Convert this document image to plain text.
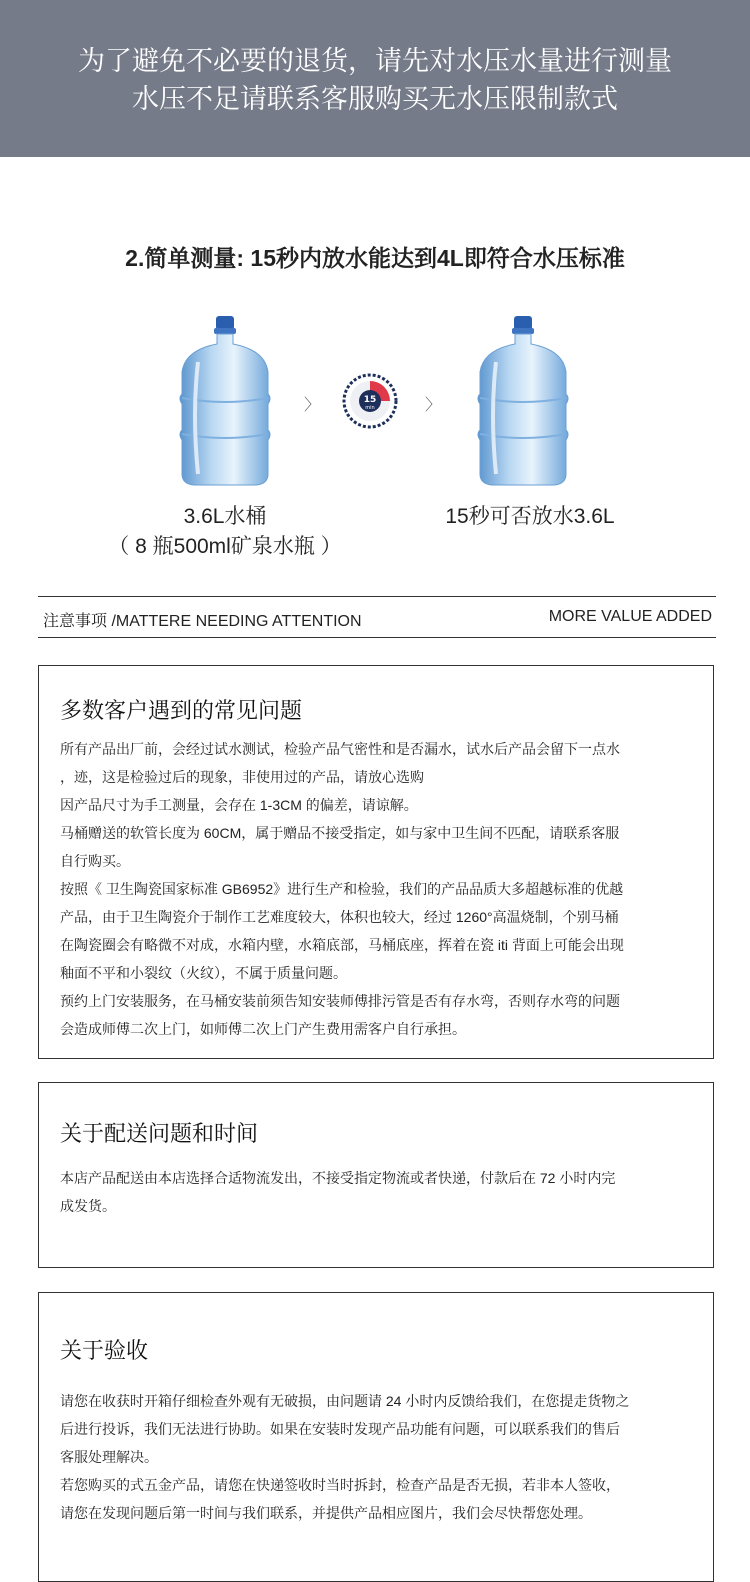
为了避免不必要的退货，请先对水压水量进行测量
水压不足请联系客服购买无水压限制款式
2.简单测量: 15秒内放水能达到4L即符合水压标准
〉	15
min	〉
3.6L水桶
（ 8 瓶500ml矿泉水瓶 ）
15秒可否放水3.6L
注意事项 /MATTERE NEEDING ATTENTION	MORE VALUE ADDED
多数客户遇到的常见问题

所有产品出厂前，会经过试水测试，检验产品气密性和是否漏水，试水后产品会留下一点水

，迹，这是检验过后的现象，非使用过的产品，请放心选购

因产品尺寸为手工测量，会存在 1-3CM 的偏差，请谅解。

马桶赠送的软管长度为 60CM，属于赠品不接受指定，如与家中卫生间不匹配，请联系客服

自行购买。

按照《 卫生陶瓷国家标准 GB6952》进行生产和检验，我们的产品品质大多超越标准的优越

产品，由于卫生陶瓷介于制作工艺难度较大，体积也较大，经过 1260°高温烧制，个别马桶

在陶瓷圈会有略微不对成，水箱内壁，水箱底部，马桶底座，挥着在瓷 iti 背面上可能会出现

釉面不平和小裂纹（火纹），不属于质量问题。

预约上门安装服务，在马桶安装前须告知安装师傅排污管是否有存水弯，否则存水弯的问题

会造成师傅二次上门，如师傅二次上门产生费用需客户自行承担。

关于配送问题和时间

本店产品配送由本店选择合适物流发出，不接受指定物流或者快递，付款后在 72 小时内完

成发货。

关于验收

请您在收获时开箱仔细检查外观有无破损，由问题请 24 小时内反馈给我们，在您提走货物之

后进行投诉，我们无法进行协助。如果在安装时发现产品功能有问题，可以联系我们的售后

客服处理解决。

若您购买的式五金产品，请您在快递签收时当时拆封，检查产品是否无损，若非本人签收，

请您在发现问题后第一时间与我们联系，并提供产品相应图片，我们会尽快帮您处理。
